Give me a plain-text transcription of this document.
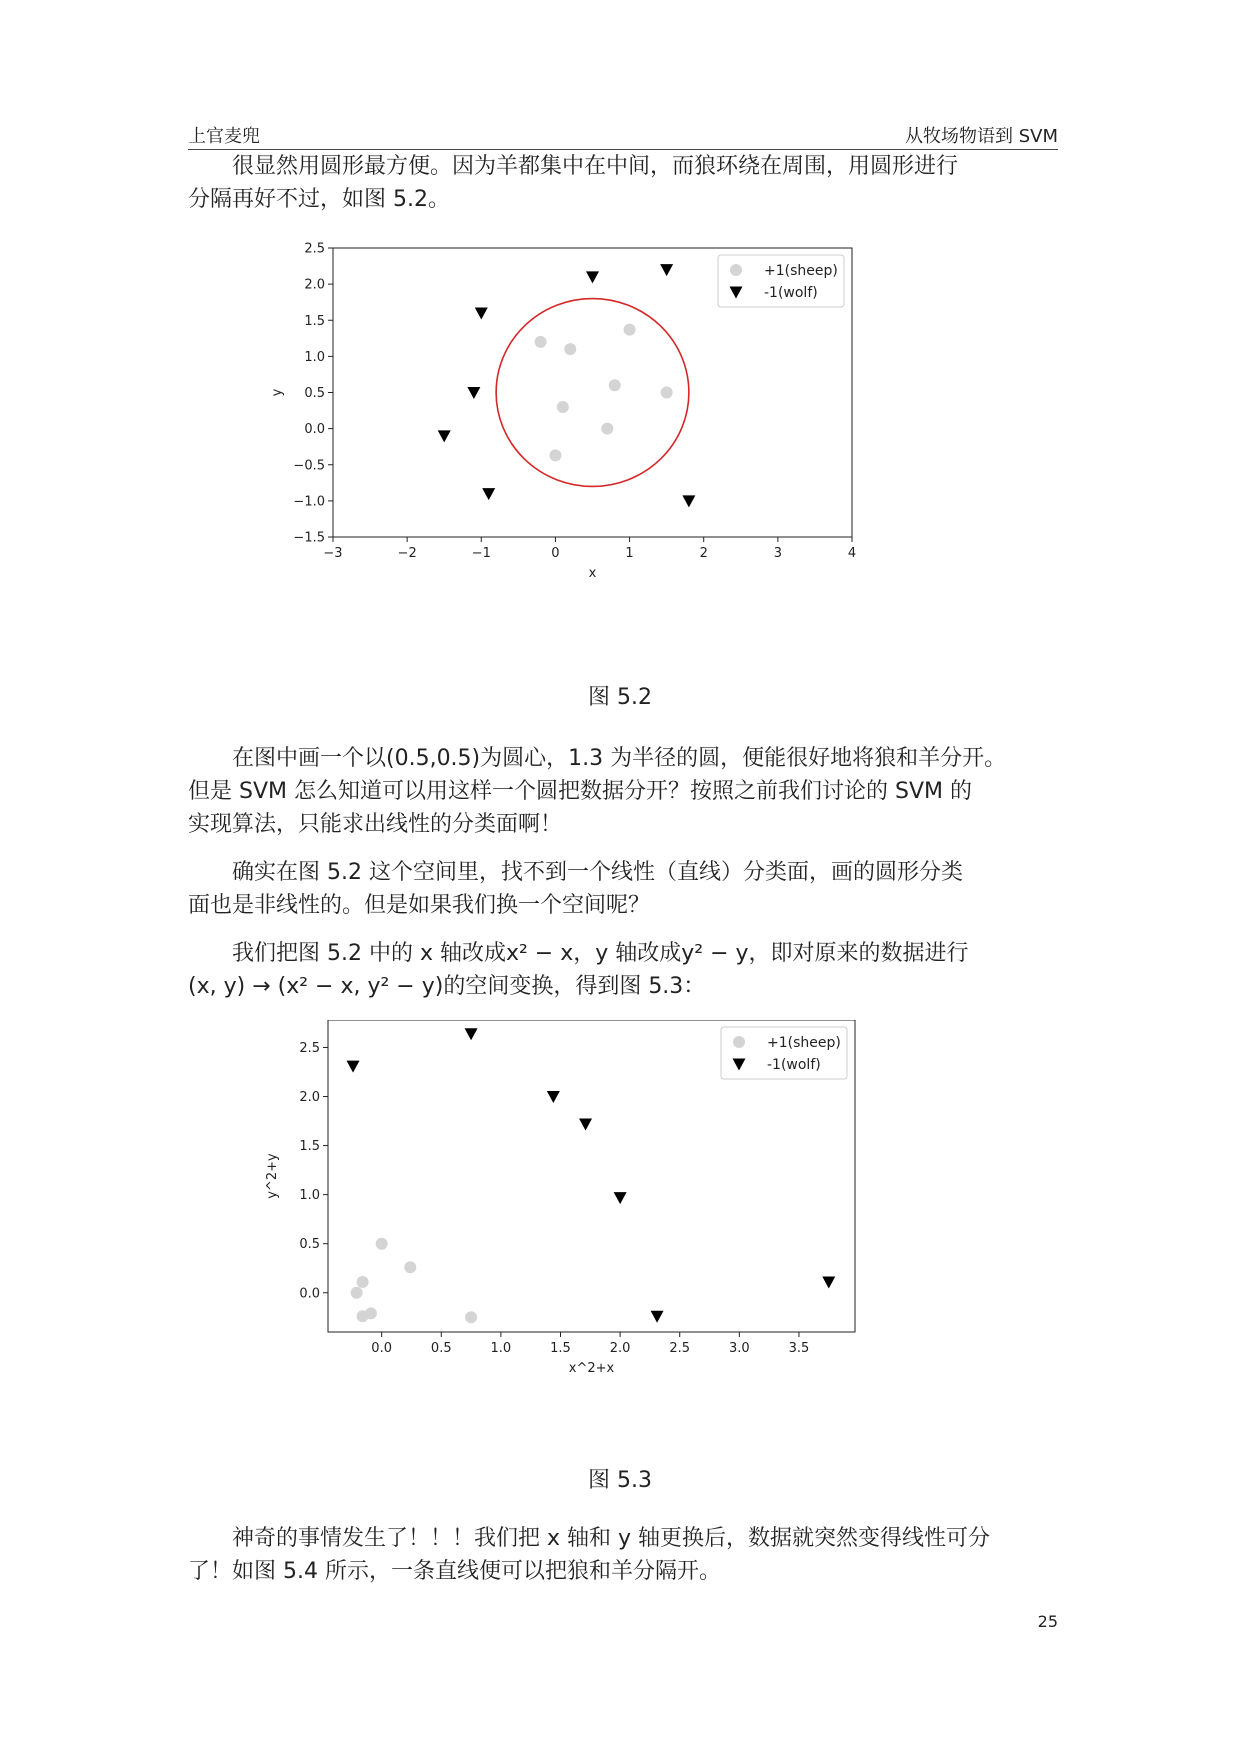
上官麦兜	从牧场物语到 SVM

很显然用圆形最方便。因为羊都集中在中间，而狼环绕在周围，用圆形进行
分隔再好不过，如图 5.2。

−3	−2	−1	0	1	2	3	4
−1.5
−1.0
−0.5
0.0
0.5
1.0
1.5
2.0
2.5
x
y
+1(sheep)
-1(wolf)
图 5.2

在图中画一个以(0.5,0.5)为圆心，1.3 为半径的圆，便能很好地将狼和羊分开。
但是 SVM 怎么知道可以用这样一个圆把数据分开？按照之前我们讨论的 SVM 的
实现算法，只能求出线性的分类面啊！

确实在图 5.2 这个空间里，找不到一个线性（直线）分类面，画的圆形分类
面也是非线性的。但是如果我们换一个空间呢？

我们把图 5.2 中的 x 轴改成x² − x，y 轴改成y² − y，即对原来的数据进行
(x, y) → (x² − x, y² − y)的空间变换，得到图 5.3：

0.0	0.5	1.0	1.5	2.0	2.5	3.0	3.5
0.0
0.5
1.0
1.5
2.0
2.5
x^2+x
y^2+y
+1(sheep)
-1(wolf)
图 5.3

神奇的事情发生了！！！我们把 x 轴和 y 轴更换后，数据就突然变得线性可分
了！如图 5.4 所示，一条直线便可以把狼和羊分隔开。

25
